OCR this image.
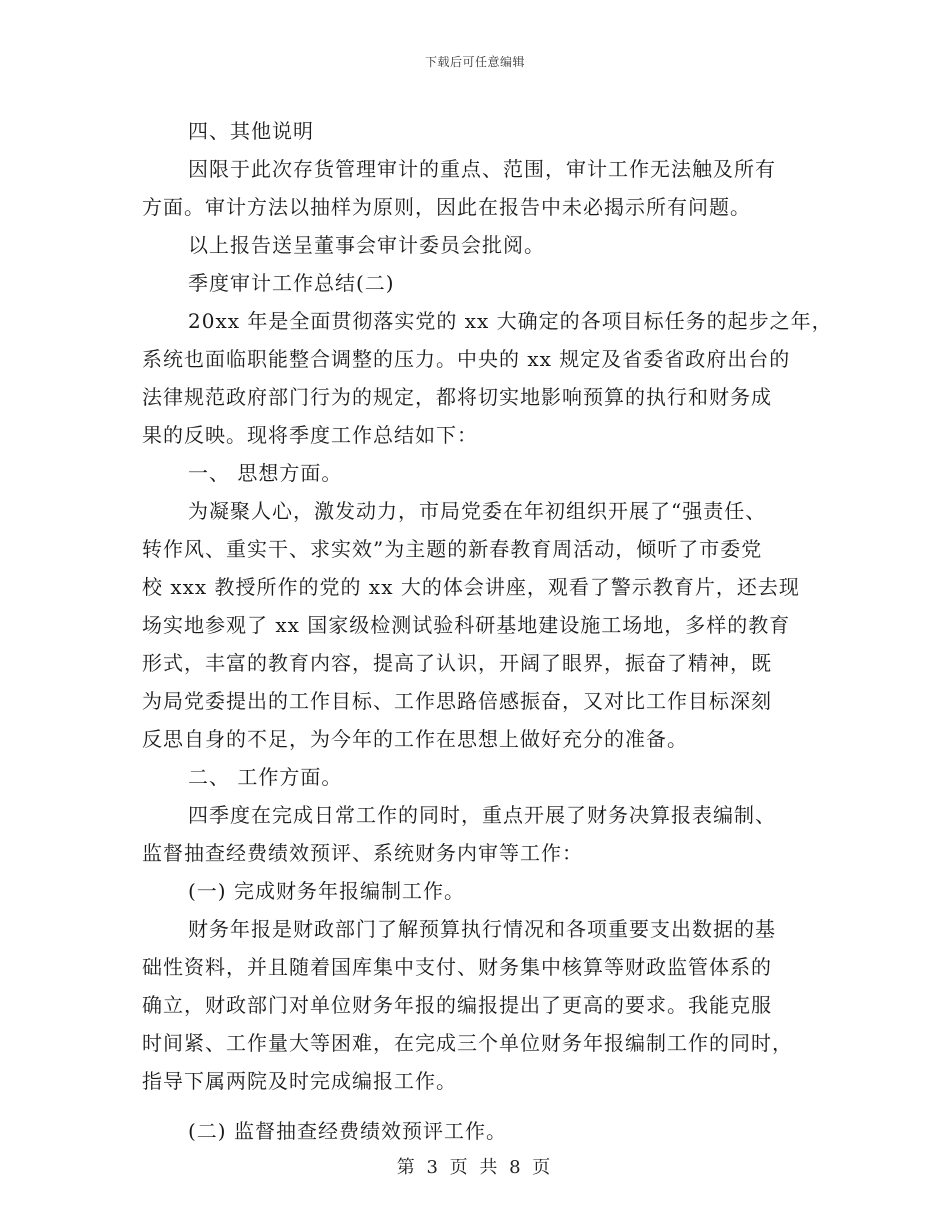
下载后可任意编辑
四、其他说明
因限于此次存货管理审计的重点、范围，审计工作无法触及所有
方面。审计方法以抽样为原则，因此在报告中未必揭示所有问题。
以上报告送呈董事会审计委员会批阅。
季度审计工作总结(二)
20xx 年是全面贯彻落实党的 xx 大确定的各项目标任务的起步之年，
系统也面临职能整合调整的压力。中央的 xx 规定及省委省政府出台的
法律规范政府部门行为的规定，都将切实地影响预算的执行和财务成
果的反映。现将季度工作总结如下：
一、 思想方面。
为凝聚人心，激发动力，市局党委在年初组织开展了“强责任、
转作风、重实干、求实效”为主题的新春教育周活动，倾听了市委党
校 xxx 教授所作的党的 xx 大的体会讲座，观看了警示教育片，还去现
场实地参观了 xx 国家级检测试验科研基地建设施工场地，多样的教育
形式，丰富的教育内容，提高了认识，开阔了眼界，振奋了精神，既
为局党委提出的工作目标、工作思路倍感振奋，又对比工作目标深刻
反思自身的不足，为今年的工作在思想上做好充分的准备。
二、 工作方面。
四季度在完成日常工作的同时，重点开展了财务决算报表编制、
监督抽查经费绩效预评、系统财务内审等工作：
(一) 完成财务年报编制工作。
财务年报是财政部门了解预算执行情况和各项重要支出数据的基
础性资料，并且随着国库集中支付、财务集中核算等财政监管体系的
确立，财政部门对单位财务年报的编报提出了更高的要求。我能克服
时间紧、工作量大等困难，在完成三个单位财务年报编制工作的同时，
指导下属两院及时完成编报工作。
(二) 监督抽查经费绩效预评工作。
第 3 页 共 8 页
